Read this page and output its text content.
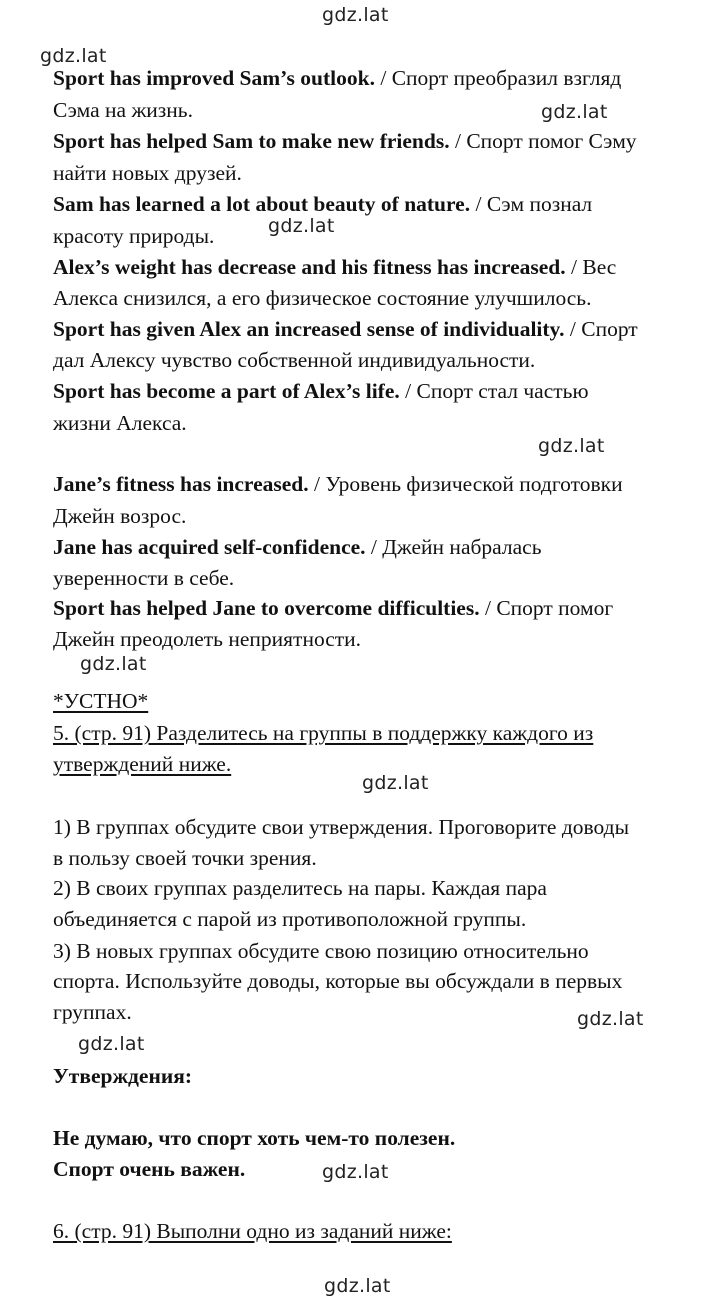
gdz.lat
gdz.lat
gdz.lat
gdz.lat
gdz.lat
gdz.lat
gdz.lat
gdz.lat
gdz.lat
gdz.lat
gdz.lat
Sport has improved Sam’s outlook. / Спорт преобразил взгляд
Сэма на жизнь.
Sport has helped Sam to make new friends. / Спорт помог Сэму
найти новых друзей.
Sam has learned a lot about beauty of nature. / Сэм познал
красоту природы.
Alex’s weight has decrease and his fitness has increased. / Вес
Алекса снизился, а его физическое состояние улучшилось.
Sport has given Alex an increased sense of individuality. / Спорт
дал Алексу чувство собственной индивидуальности.
Sport has become a part of Alex’s life. / Спорт стал частью
жизни Алекса.
Jane’s fitness has increased. / Уровень физической подготовки
Джейн возрос.
Jane has acquired self-confidence. / Джейн набралась
уверенности в себе.
Sport has helped Jane to overcome difficulties. / Спорт помог
Джейн преодолеть неприятности.
*УСТНО*
5. (стр. 91) Разделитесь на группы в поддержку каждого из
утверждений ниже.
1) В группах обсудите свои утверждения. Проговорите доводы
в пользу своей точки зрения.
2) В своих группах разделитесь на пары. Каждая пара
объединяется с парой из противоположной группы.
3) В новых группах обсудите свою позицию относительно
спорта. Используйте доводы, которые вы обсуждали в первых
группах.
Утверждения:
Не думаю, что спорт хоть чем-то полезен.
Спорт очень важен.
6. (стр. 91) Выполни одно из заданий ниже:
